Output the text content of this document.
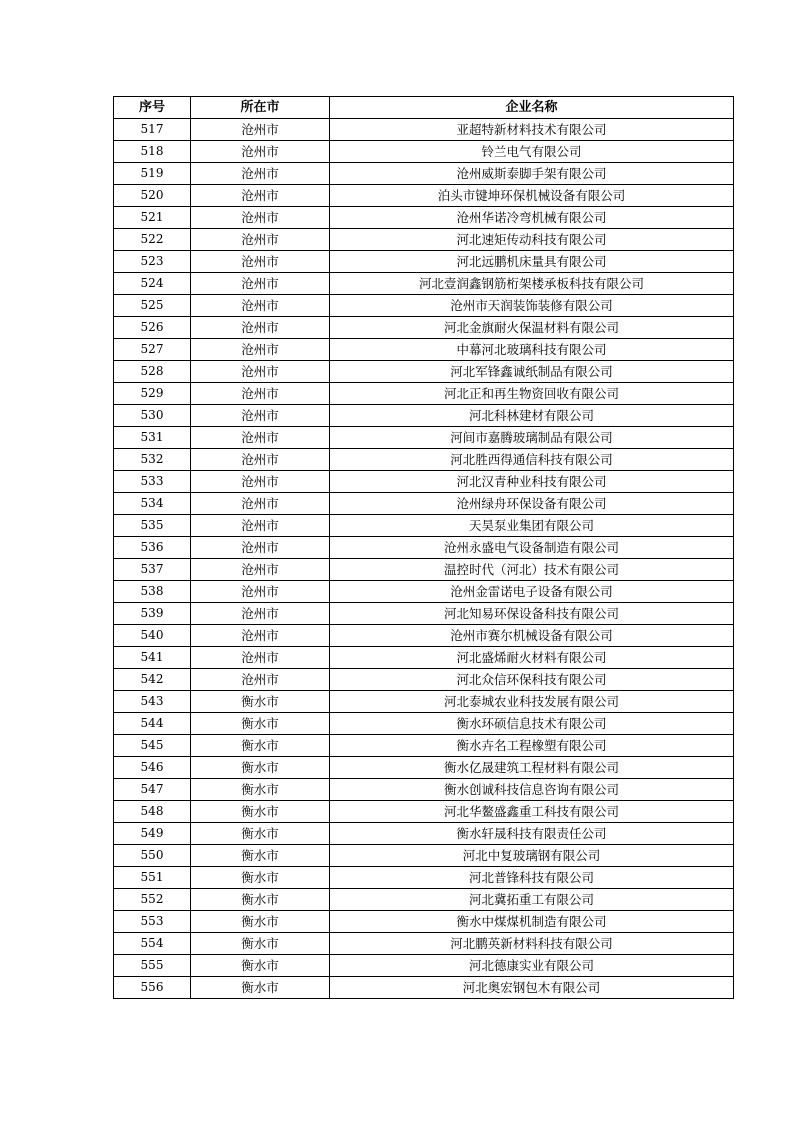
序号	所在市	企业名称
517	沧州市	亚超特新材料技术有限公司
518	沧州市	铃兰电气有限公司
519	沧州市	沧州威斯泰脚手架有限公司
520	沧州市	泊头市键坤环保机械设备有限公司
521	沧州市	沧州华诺冷弯机械有限公司
522	沧州市	河北速矩传动科技有限公司
523	沧州市	河北远鹏机床量具有限公司
524	沧州市	河北壹润鑫钢筋桁架楼承板科技有限公司
525	沧州市	沧州市天润装饰装修有限公司
526	沧州市	河北金旗耐火保温材料有限公司
527	沧州市	中幕河北玻璃科技有限公司
528	沧州市	河北军锋鑫诚纸制品有限公司
529	沧州市	河北正和再生物资回收有限公司
530	沧州市	河北科林建材有限公司
531	沧州市	河间市嘉腾玻璃制品有限公司
532	沧州市	河北胜西得通信科技有限公司
533	沧州市	河北汉青种业科技有限公司
534	沧州市	沧州绿舟环保设备有限公司
535	沧州市	天昊泵业集团有限公司
536	沧州市	沧州永盛电气设备制造有限公司
537	沧州市	温控时代（河北）技术有限公司
538	沧州市	沧州金雷诺电子设备有限公司
539	沧州市	河北知易环保设备科技有限公司
540	沧州市	沧州市赛尔机械设备有限公司
541	沧州市	河北盛烯耐火材料有限公司
542	沧州市	河北众信环保科技有限公司
543	衡水市	河北泰城农业科技发展有限公司
544	衡水市	衡水环硕信息技术有限公司
545	衡水市	衡水卉名工程橡塑有限公司
546	衡水市	衡水亿晟建筑工程材料有限公司
547	衡水市	衡水创诚科技信息咨询有限公司
548	衡水市	河北华鳌盛鑫重工科技有限公司
549	衡水市	衡水轩晟科技有限责任公司
550	衡水市	河北中复玻璃钢有限公司
551	衡水市	河北普锋科技有限公司
552	衡水市	河北冀拓重工有限公司
553	衡水市	衡水中煤煤机制造有限公司
554	衡水市	河北鹏英新材料科技有限公司
555	衡水市	河北德康实业有限公司
556	衡水市	河北奥宏钢包木有限公司
